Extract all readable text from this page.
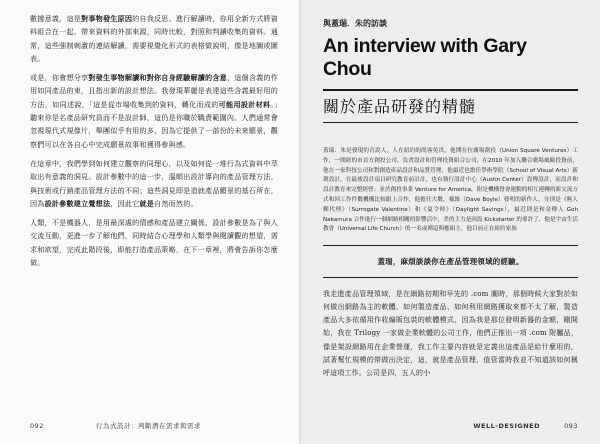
數據意義，這是對事物發生原因的自我反思。進行解讀時，你用全新方式將資料組合在一起，帶來資料的外部來源，同時比較，對照和判讀收集的資料。通常，這些強制刺激的連結解讀，需要視覺化形式的表格做說明，像是地圖或圖表。

或是，你會想分享對發生事物解讀和對你自身經驗解讀的含意，這個含義的作用如同產品的束，且指出新的設計想法。我發現華麗是表達這些含義最好用的方法，如同述說，「這是從市場收集到的資料，轉化而成的可能用設計材料。」聽來你是名產品研究員而不是設計師，這仍是你職於職責範圍內。人們通常會忽視現代式規像片，舉團似乎有用的多，因為它提供了一部份的未來願景，觀察們可以在各自心中完成願景故事和獲得參與感。

在這章中，我們學到如何建立觀察的同理心，以及如何從一堆行為式資料中萃取出有意義的洞見。設計參數中的這一步，溫順出設計導向的產品管理方法，與技術或行銷產品管理方法的不同；這些洞見即是造就產品願景的基石所在，因為設計參數建立覺想法，因此它就是自然而然的。

人類，不是機器人，是用最深處的情感和產品建立關係，設計參數是為了與人交流互動，更進一步了解他們，同時結合心理學和人類學與閱讀觀的想望，需求和欲望，完成此階段後，即能打造產品策略，在下一章裡，將會告訴你怎麼做。

092	行為式設計：判斷潛在需求與需求
與蓋瑞．朱的訪談
An interview with Gary Chou
關於產品研發的精髓

蓋瑞．朱是發現的育說人，人在紐約的尚客免洪，他開在位廣場創投（Union Square Ventures）工作，一開經的市首方創投公司，負責設計和管理投資組合公司，在2010 年加入聯合廣場風險投資前，他在一家科技公司和對創造產品設計和品質管理，他最近也擔任學術學院（School of Visual Arts）新創設計，在最後設計項目研究教育前計計，也有執行設計中心（Austin Center）設傳設計，而設計和設計教育來完整經營；並於創投事業 Venture for America，附是機構營會運動的相互運轉的新交流方式和回工作件數機構比較跟上合作，他擔任大數，戴維（Dave Boyle）發明的新作人，分別是《無人郵代理》（Surrogate Valentine）和《夏令時》（Daylight Savings），最近則是和金傳人 Goh Nakamura 合作進行一個網路相關的影響活中，美的主力是因設 Kickstarter 的要許了，他是宇宙生活教會（Universal Life Church）的一名或禪這與應組主，他目前正在紐約家族

蓋瑞，麻煩談談你在產品管理領域的經驗。

我走進產品管理領域，是在網路初期和早先的 .com 潮時，那個時候大家對於如何做出網路為主的軟體、如何製造產品、如何利用網路獲取來都不太了解，製造產品大多依循用作收編販包裝的軟體模式，因為我是那位發明新器的金額，剛開始，我在 Trilogy 一家做企業軟體的公司工作，他們正推出一項 .com 附屬品，像是架設網路用在企業營運，我工作主要內容就是定義出這產品是給什麼用的，試著幫忙規模的帶做出決定，這，就是產品管理，值管當時我並不知道該如何稱呼這項工作。公司是四，五人的小

WELL-DESIGNED	093
